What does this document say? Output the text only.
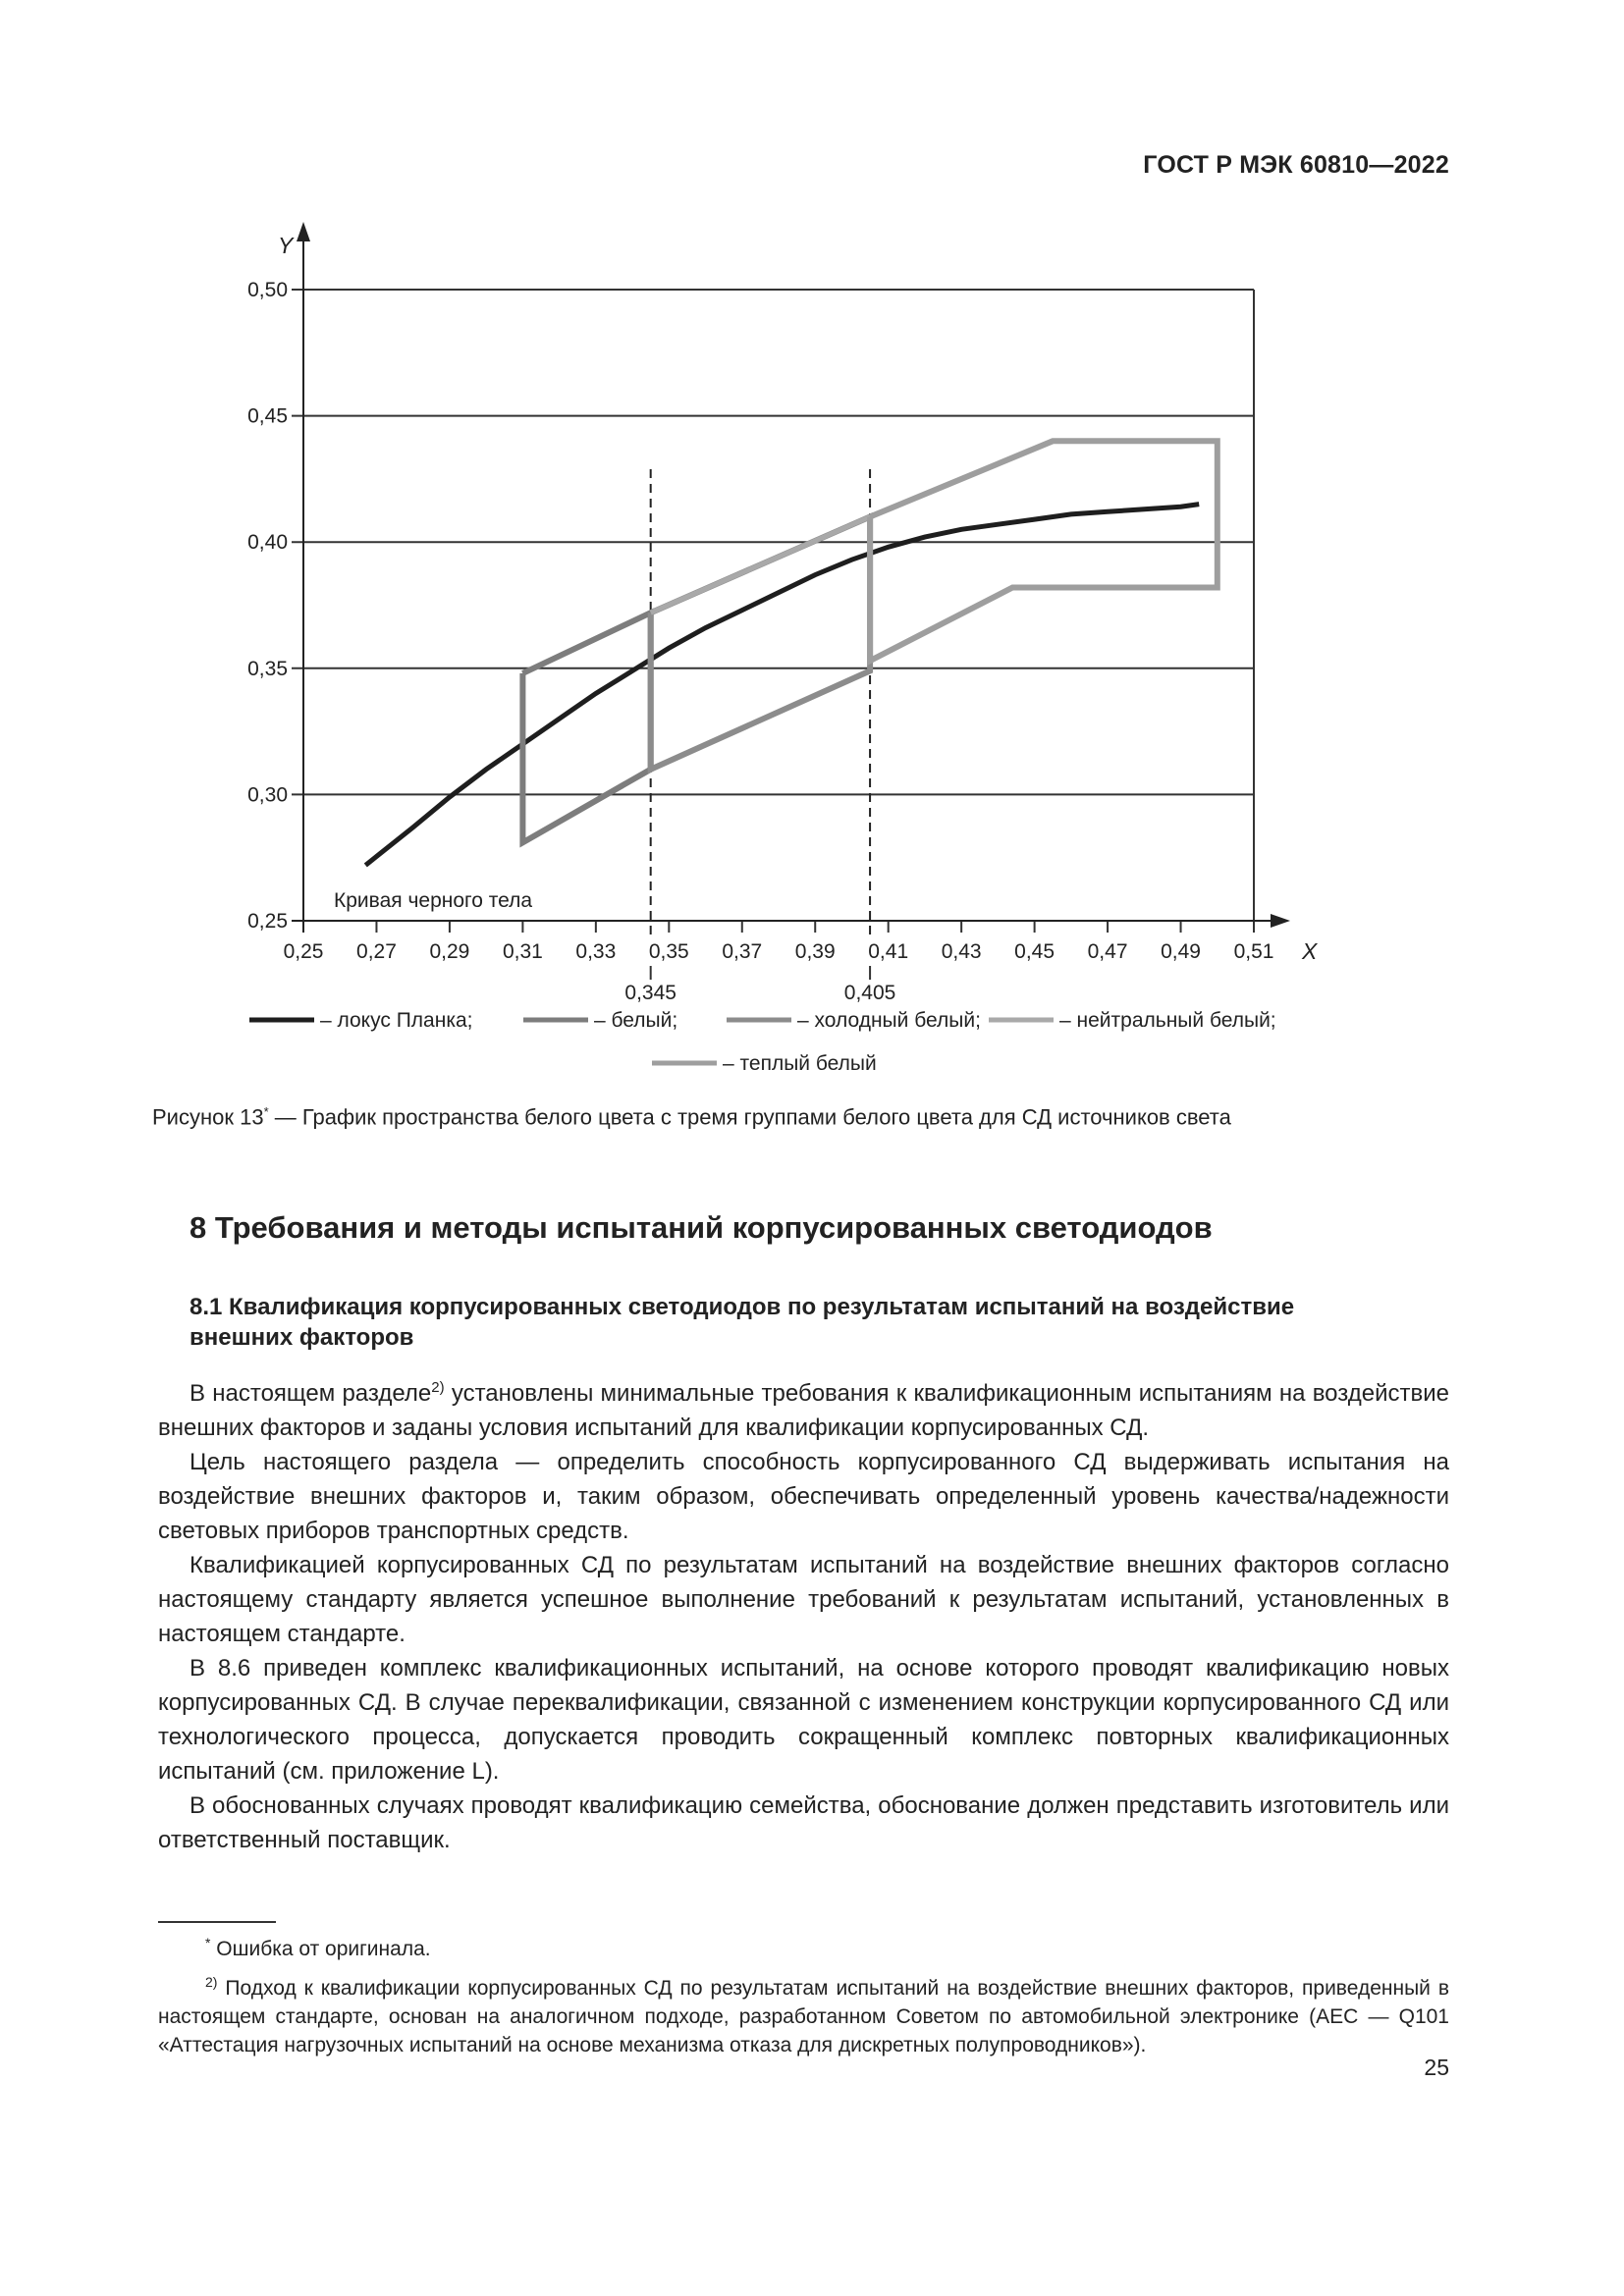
ГОСТ Р МЭК 60810—2022
0,25
0,30
0,35
0,40
0,45
0,50
0,25 0,27 0,29 0,31 0,33 0,35 0,37 0,39 0,41 0,43 0,45 0,47 0,49 0,51
0,345	0,405
Y
X
Кривая черного тела
– локус Планка;	– белый;	– холодный белый;	– нейтральный белый;
– теплый белый
Рисунок 13* — График пространства белого цвета с тремя группами белого цвета для СД источников света
8 Требования и методы испытаний корпусированных светодиодов
8.1 Квалификация корпусированных светодиодов по результатам испытаний на воздействие внешних факторов

В настоящем разделе$^{2)}$ установлены минимальные требования к квалификационным испытаниям на воздействие внешних факторов и заданы условия испытаний для квалификации корпусированных СД.

Цель настоящего раздела — определить способность корпусированного СД выдерживать испытания на воздействие внешних факторов и, таким образом, обеспечивать определенный уровень качества/надежности световых приборов транспортных средств.

Квалификацией корпусированных СД по результатам испытаний на воздействие внешних факторов согласно настоящему стандарту является успешное выполнение требований к результатам испытаний, установленных в настоящем стандарте.

В 8.6 приведен комплекс квалификационных испытаний, на основе которого проводят квалификацию новых корпусированных СД. В случае переквалификации, связанной с изменением конструкции корпусированного СД или технологического процесса, допускается проводить сокращенный комплекс повторных квалификационных испытаний (см. приложение L).

В обоснованных случаях проводят квалификацию семейства, обоснование должен представить изготовитель или ответственный поставщик.

* Ошибка от оригинала.

$^{2)}$ Подход к квалификации корпусированных СД по результатам испытаний на воздействие внешних факторов, приведенный в настоящем стандарте, основан на аналогичном подходе, разработанном Советом по автомобильной электронике (AEC — Q101 «Аттестация нагрузочных испытаний на основе механизма отказа для дискретных полупроводников»).

25
